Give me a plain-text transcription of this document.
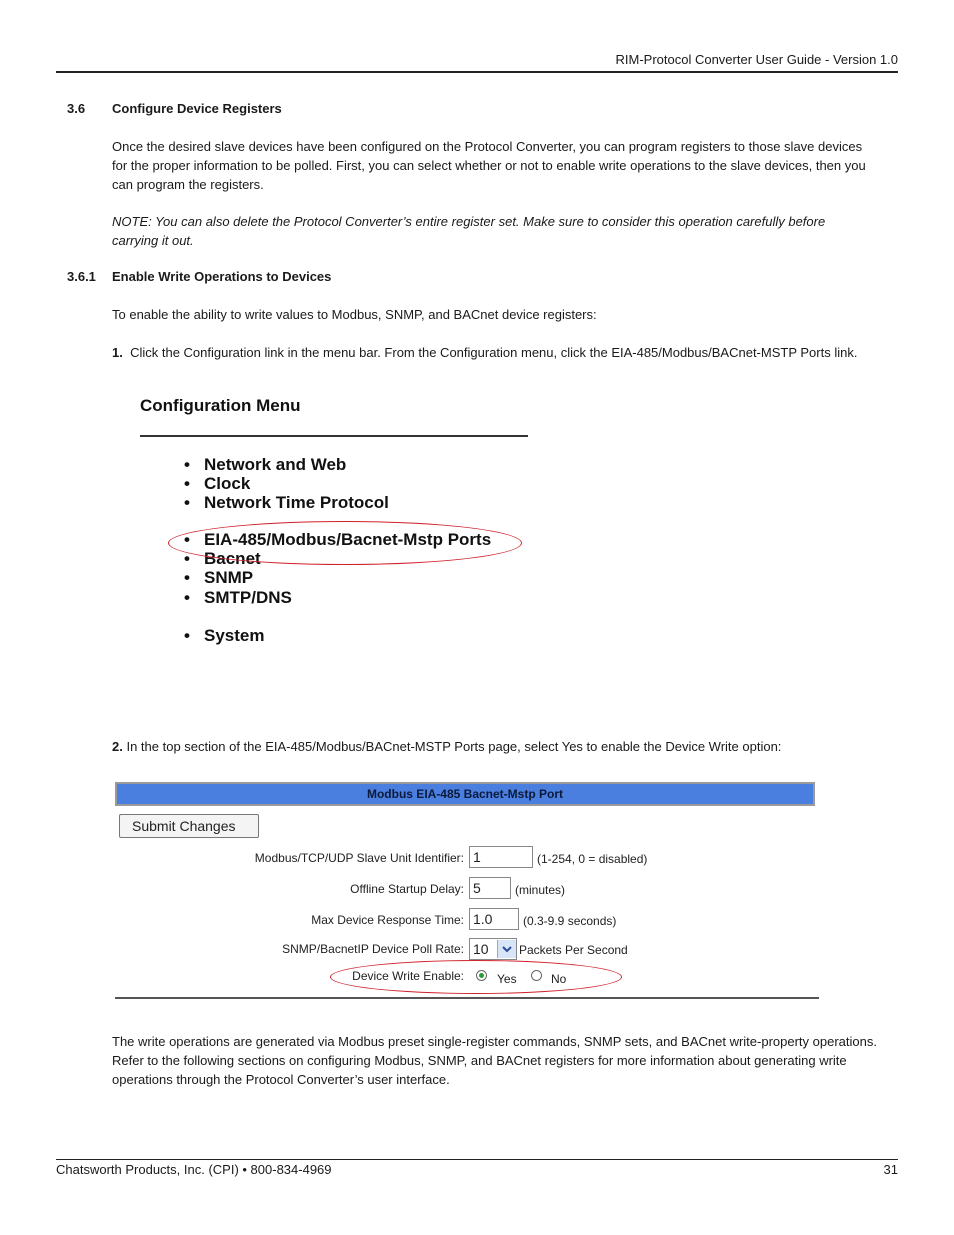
RIM-Protocol Converter User Guide - Version 1.0
3.6 Configure Device Registers
Once the desired slave devices have been configured on the Protocol Converter, you can program registers to those slave devices for the proper information to be polled. First, you can select whether or not to enable write operations to the slave devices, then you can program the registers.
NOTE: You can also delete the Protocol Converter’s entire register set. Make sure to consider this operation carefully before carrying it out.
3.6.1 Enable Write Operations to Devices
To enable the ability to write values to Modbus, SNMP, and BACnet device registers:
1. Click the Configuration link in the menu bar. From the Configuration menu, click the EIA-485/Modbus/BACnet-MSTP Ports link.
Configuration Menu
• Network and Web
• Clock
• Network Time Protocol
• EIA-485/Modbus/Bacnet-Mstp Ports
• Bacnet
• SNMP
• SMTP/DNS
• System
2. In the top section of the EIA-485/Modbus/BACnet-MSTP Ports page, select Yes to enable the Device Write option:
Modbus EIA-485 Bacnet-Mstp Port
Submit Changes
Modbus/TCP/UDP Slave Unit Identifier: 1	(1-254, 0 = disabled)
Offline Startup Delay: 5	(minutes)
Max Device Response Time: 1.0	(0.3-9.9 seconds)
SNMP/BacnetIP Device Poll Rate: 10	Packets Per Second
Device Write Enable:	Yes	No
The write operations are generated via Modbus preset single-register commands, SNMP sets, and BACnet write-property operations. Refer to the following sections on configuring Modbus, SNMP, and BACnet registers for more information about generating write operations through the Protocol Converter’s user interface.
Chatsworth Products, Inc. (CPI) • 800-834-4969	31
